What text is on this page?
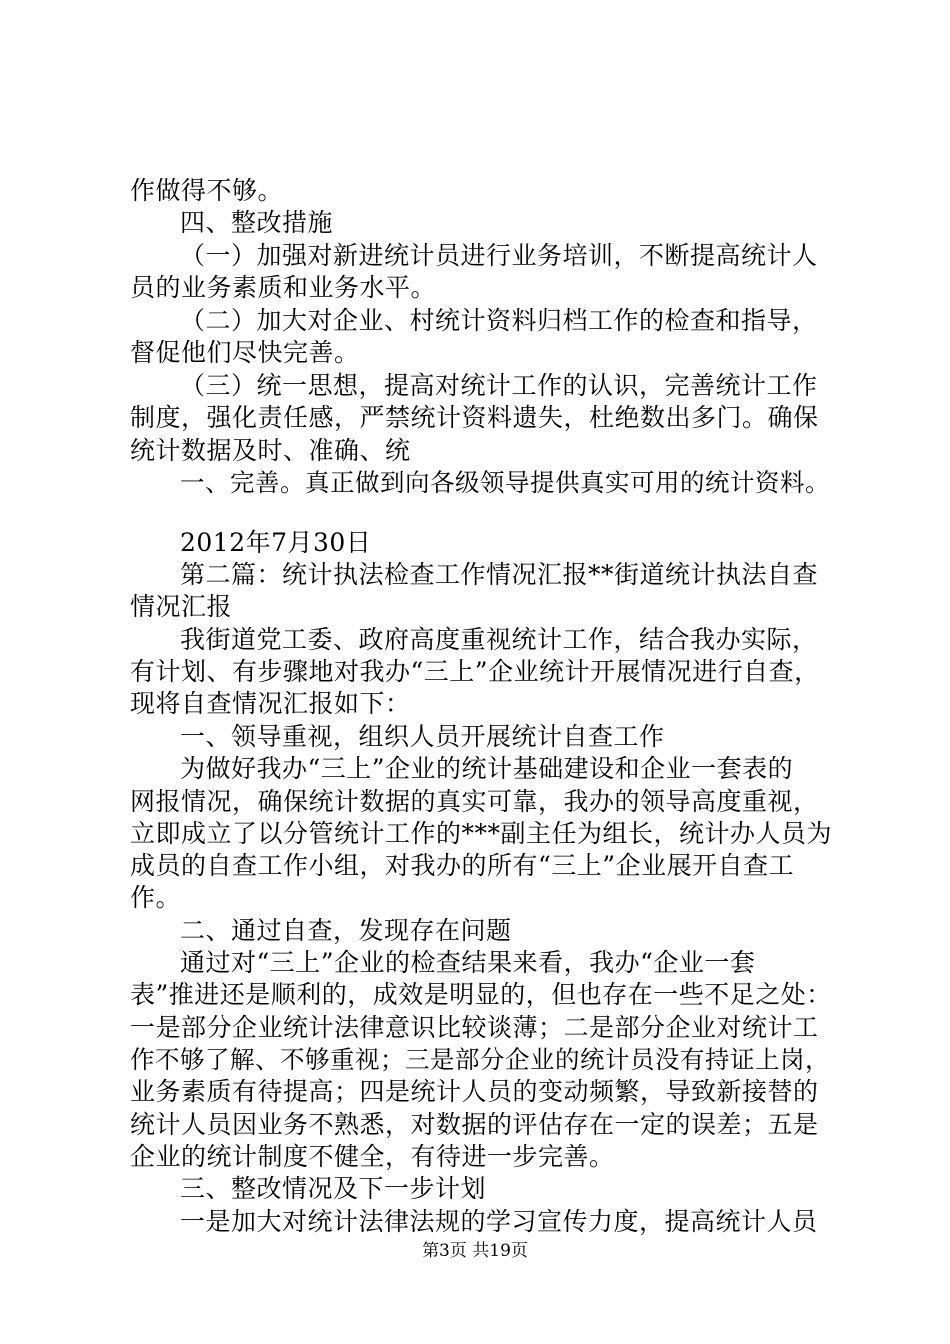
作做得不够。
四、整改措施
（一）加强对新进统计员进行业务培训，不断提高统计人
员的业务素质和业务水平。
（二）加大对企业、村统计资料归档工作的检查和指导，
督促他们尽快完善。
（三）统一思想，提高对统计工作的认识，完善统计工作
制度，强化责任感，严禁统计资料遗失，杜绝数出多门。确保
统计数据及时、准确、统
一、完善。真正做到向各级领导提供真实可用的统计资料。
2012年7月30日
第二篇：统计执法检查工作情况汇报**街道统计执法自查
情况汇报
我街道党工委、政府高度重视统计工作，结合我办实际，
有计划、有步骤地对我办“三上”企业统计开展情况进行自查，
现将自查情况汇报如下：
一、领导重视，组织人员开展统计自查工作
为做好我办“三上”企业的统计基础建设和企业一套表的
网报情况，确保统计数据的真实可靠，我办的领导高度重视，
立即成立了以分管统计工作的***副主任为组长，统计办人员为
成员的自查工作小组，对我办的所有“三上”企业展开自查工
作。
二、通过自查，发现存在问题
通过对“三上”企业的检查结果来看，我办“企业一套
表”推进还是顺利的，成效是明显的，但也存在一些不足之处：
一是部分企业统计法律意识比较谈薄；二是部分企业对统计工
作不够了解、不够重视；三是部分企业的统计员没有持证上岗，
业务素质有待提高；四是统计人员的变动频繁，导致新接替的
统计人员因业务不熟悉，对数据的评估存在一定的误差；五是
企业的统计制度不健全，有待进一步完善。
三、整改情况及下一步计划
一是加大对统计法律法规的学习宣传力度，提高统计人员
第3页 共19页
